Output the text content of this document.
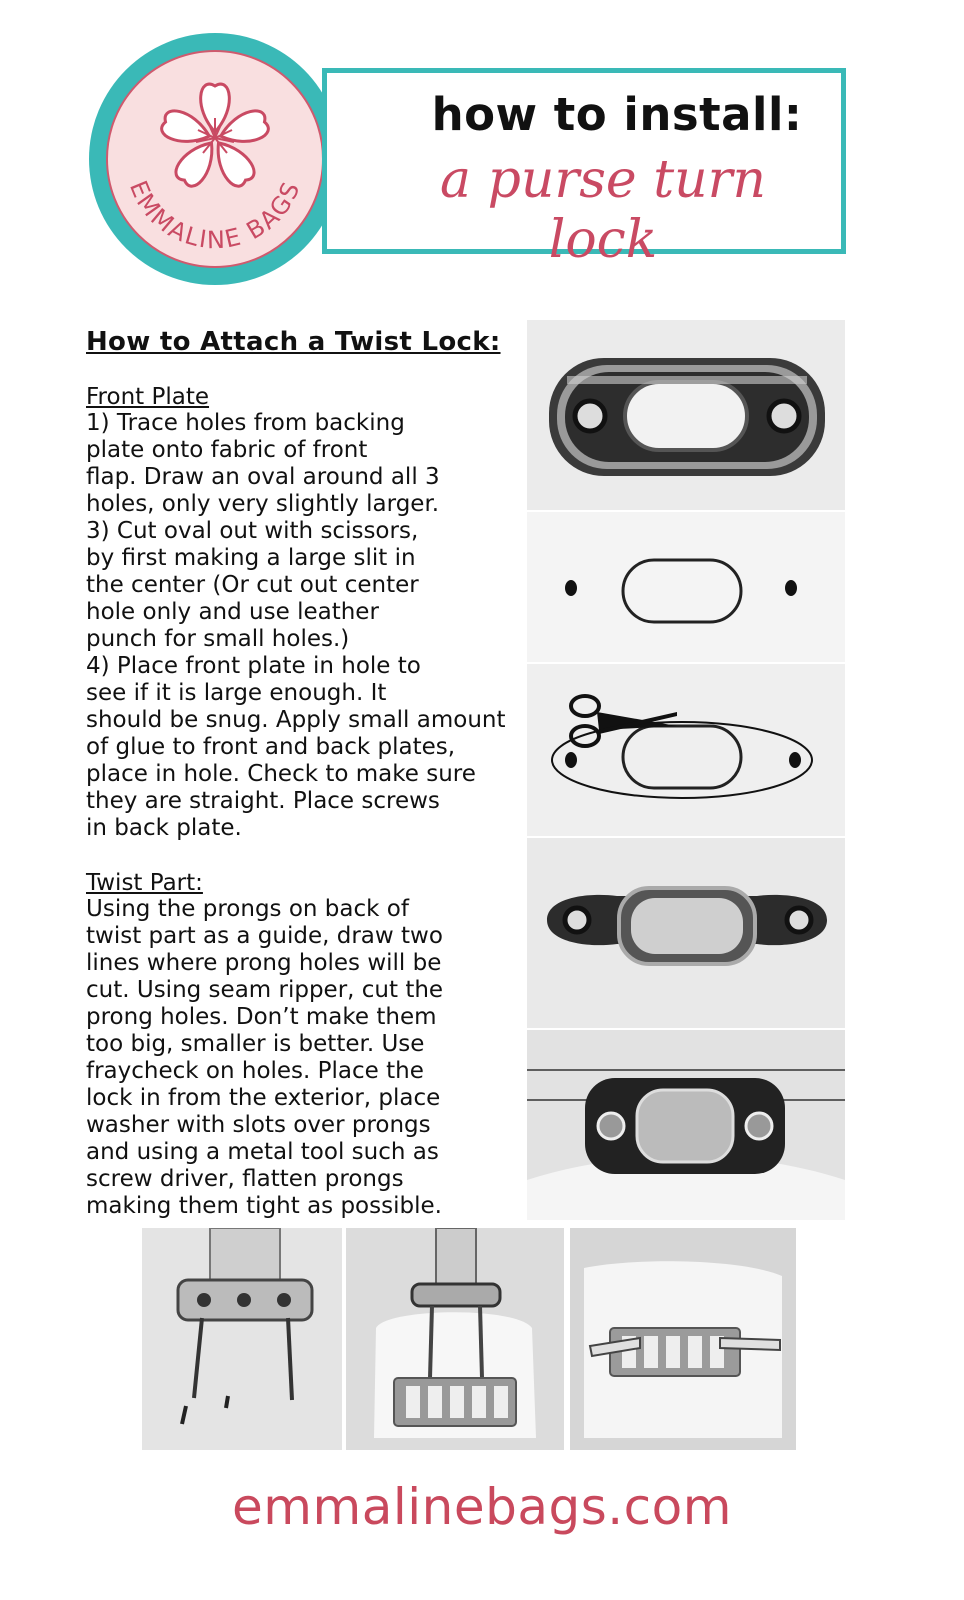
EMMALINE BAGS
how to install:
a purse turn lock
How to Attach a Twist Lock:
Front Plate
1) Trace holes from backing
plate onto fabric of front
flap. Draw an oval around all 3
holes, only very slightly larger.
3) Cut oval out with scissors,
by first making a large slit in
the center (Or cut out center
hole only and use leather
punch for small holes.)
4) Place front plate in hole to
see if it is large enough. It
should be snug. Apply small amount
of glue to front and back plates,
place in hole. Check to make sure
they are straight. Place screws
in back plate.
Twist Part:
Using the prongs on back of
twist part as a guide, draw two
lines where prong holes will be
cut. Using seam ripper, cut the
prong holes. Don’t make them
too big, smaller is better. Use
fraycheck on holes. Place the
lock in from the exterior, place
washer with slots over prongs
and using a metal tool such as
screw driver, flatten prongs
making them tight as possible.
emmalinebags.com
